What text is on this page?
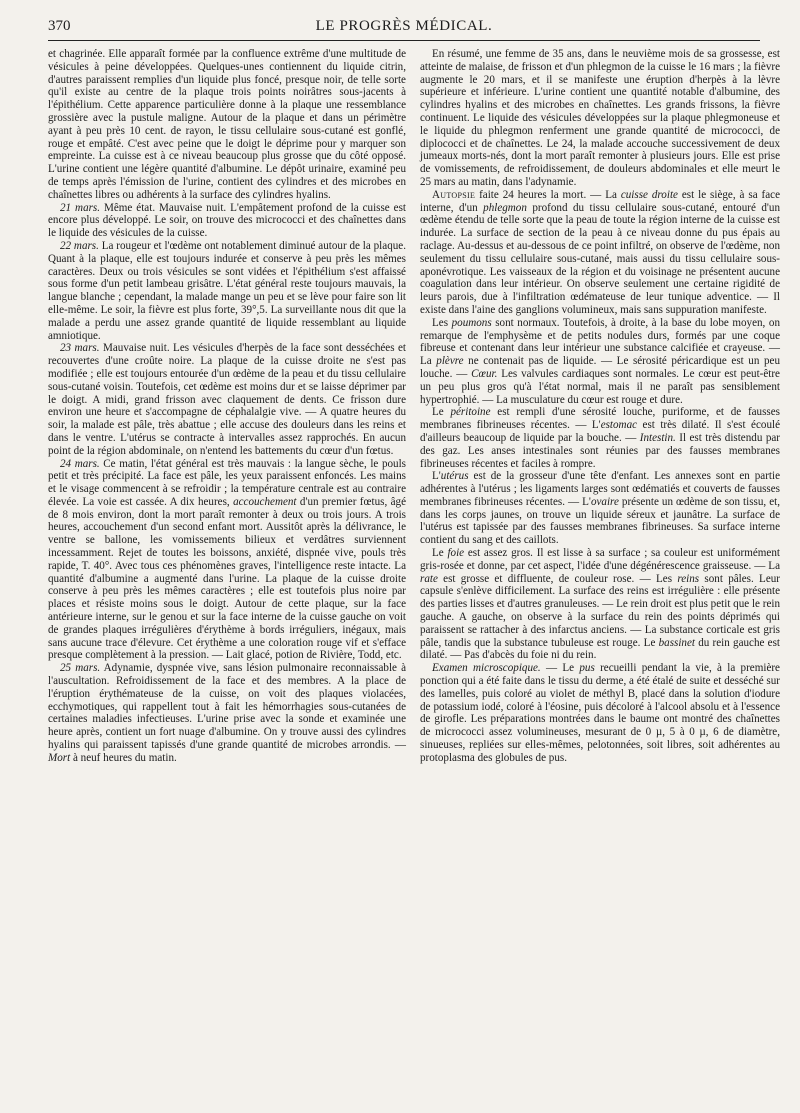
370	LE PROGRÈS MÉDICAL.

et chagrinée. Elle apparaît formée par la confluence extrême d'une multitude de vésicules à peine développées. Quelques-unes contiennent du liquide citrin, d'autres paraissent remplies d'un liquide plus foncé, presque noir, de telle sorte qu'il existe au centre de la plaque trois points noirâtres sous-jacents à l'épithélium. Cette apparence particulière donne à la plaque une ressemblance grossière avec la pustule maligne. Autour de la plaque et dans un périmètre ayant à peu près 10 cent. de rayon, le tissu cellulaire sous-cutané est gonflé, rouge et empâté. C'est avec peine que le doigt le déprime pour y marquer son empreinte. La cuisse est à ce niveau beaucoup plus grosse que du côté opposé. L'urine contient une légère quantité d'albumine. Le dépôt urinaire, examiné peu de temps après l'émission de l'urine, contient des cylindres et des microbes en chaînettes libres ou adhérents à la surface des cylindres hyalins.

21 mars. Même état. Mauvaise nuit. L'empâtement profond de la cuisse est encore plus développé. Le soir, on trouve des micrococci et des chaînettes dans le liquide des vésicules de la cuisse.

22 mars. La rougeur et l'œdème ont notablement diminué autour de la plaque. Quant à la plaque, elle est toujours indurée et conserve à peu près les mêmes caractères. Deux ou trois vésicules se sont vidées et l'épithélium s'est affaissé sous forme d'un petit lambeau grisâtre. L'état général reste toujours mauvais, la langue blanche ; cependant, la malade mange un peu et se lève pour faire son lit elle-même. Le soir, la fièvre est plus forte, 39°,5. La surveillante nous dit que la malade a perdu une assez grande quantité de liquide ressemblant au liquide amniotique.

23 mars. Mauvaise nuit. Les vésicules d'herpès de la face sont desséchées et recouvertes d'une croûte noire. La plaque de la cuisse droite ne s'est pas modifiée ; elle est toujours entourée d'un œdème de la peau et du tissu cellulaire sous-cutané voisin. Toutefois, cet œdème est moins dur et se laisse déprimer par le doigt. A midi, grand frisson avec claquement de dents. Ce frisson dure environ une heure et s'accompagne de céphalalgie vive. — A quatre heures du soir, la malade est pâle, très abattue ; elle accuse des douleurs dans les reins et dans le ventre. L'utérus se contracte à intervalles assez rapprochés. En aucun point de la région abdominale, on n'entend les battements du cœur d'un fœtus.

24 mars. Ce matin, l'état général est très mauvais : la langue sèche, le pouls petit et très précipité. La face est pâle, les yeux paraissent enfoncés. Les mains et le visage commencent à se refroidir ; la température centrale est au contraire élevée. La voie est cassée. A dix heures, accouchement d'un premier fœtus, âgé de 8 mois environ, dont la mort paraît remonter à deux ou trois jours. A trois heures, accouchement d'un second enfant mort. Aussitôt après la délivrance, le ventre se ballone, les vomissements bilieux et verdâtres surviennent incessamment. Rejet de toutes les boissons, anxiété, dispnée vive, pouls très rapide, T. 40°. Avec tous ces phénomènes graves, l'intelligence reste intacte. La quantité d'albumine a augmenté dans l'urine. La plaque de la cuisse droite conserve à peu près les mêmes caractères ; elle est toutefois plus noire par places et résiste moins sous le doigt. Autour de cette plaque, sur la face antérieure interne, sur le genou et sur la face interne de la cuisse gauche on voit de grandes plaques irrégulières d'érythème à bords irréguliers, inégaux, mais sans aucune trace d'élevure. Cet érythème a une coloration rouge vif et s'efface presque complètement à la pression. — Lait glacé, potion de Rivière, Todd, etc.

25 mars. Adynamie, dyspnée vive, sans lésion pulmonaire reconnaissable à l'auscultation. Refroidissement de la face et des membres. A la place de l'éruption érythémateuse de la cuisse, on voit des plaques violacées, ecchymotiques, qui rappellent tout à fait les hémorrhagies sous-cutanées de certaines maladies infectieuses. L'urine prise avec la sonde et examinée une heure après, contient un fort nuage d'albumine. On y trouve aussi des cylindres hyalins qui paraissent tapissés d'une grande quantité de microbes arrondis. — Mort à neuf heures du matin.

En résumé, une femme de 35 ans, dans le neuvième mois de sa grossesse, est atteinte de malaise, de frisson et d'un phlegmon de la cuisse le 16 mars ; la fièvre augmente le 20 mars, et il se manifeste une éruption d'herpès à la lèvre supérieure et inférieure. L'urine contient une quantité notable d'albumine, des cylindres hyalins et des microbes en chaînettes. Les grands frissons, la fièvre continuent. Le liquide des vésicules développées sur la plaque phlegmoneuse et le liquide du phlegmon renferment une grande quantité de micrococci, de diplococci et de chaînettes. Le 24, la malade accouche successivement de deux jumeaux morts-nés, dont la mort paraît remonter à plusieurs jours. Elle est prise de vomissements, de refroidissement, de douleurs abdominales et elle meurt le 25 mars au matin, dans l'adynamie.

Autopsie faite 24 heures la mort. — La cuisse droite est le siège, à sa face interne, d'un phlegmon profond du tissu cellulaire sous-cutané, entouré d'un œdème étendu de telle sorte que la peau de toute la région interne de la cuisse est indurée. La surface de section de la peau à ce niveau donne du pus épais au raclage. Au-dessus et au-dessous de ce point infiltré, on observe de l'œdème, non seulement du tissu cellulaire sous-cutané, mais aussi du tissu cellulaire sous-aponévrotique. Les vaisseaux de la région et du voisinage ne présentent aucune coagulation dans leur intérieur. On observe seulement une certaine rigidité de leurs parois, due à l'infiltration œdémateuse de leur tunique adventice. — Il existe dans l'aine des ganglions volumineux, mais sans suppuration manifeste.

Les poumons sont normaux. Toutefois, à droite, à la base du lobe moyen, on remarque de l'emphysème et de petits nodules durs, formés par une coque fibreuse et contenant dans leur intérieur une substance calcifiée et crayeuse. — La plèvre ne contenait pas de liquide. — Le sérosité péricardique est un peu louche. — Cœur. Les valvules cardiaques sont normales. Le cœur est peut-être un peu plus gros qu'à l'état normal, mais il ne paraît pas sensiblement hypertrophié. — La musculature du cœur est rouge et dure.

Le péritoine est rempli d'une sérosité louche, puriforme, et de fausses membranes fibrineuses récentes. — L'estomac est très dilaté. Il s'est écoulé d'ailleurs beaucoup de liquide par la bouche. — Intestin. Il est très distendu par des gaz. Les anses intestinales sont réunies par des fausses membranes fibrineuses récentes et faciles à rompre.

L'utérus est de la grosseur d'une tête d'enfant. Les annexes sont en partie adhérentes à l'utérus ; les ligaments larges sont œdématiés et couverts de fausses membranes fibrineuses récentes. — L'ovaire présente un œdème de son tissu, et, dans les corps jaunes, on trouve un liquide séreux et jaunâtre. La surface de l'utérus est tapissée par des fausses membranes fibrineuses. Sa surface interne contient du sang et des caillots.

Le foie est assez gros. Il est lisse à sa surface ; sa couleur est uniformément gris-rosée et donne, par cet aspect, l'idée d'une dégénérescence graisseuse. — La rate est grosse et diffluente, de couleur rose. — Les reins sont pâles. Leur capsule s'enlève difficilement. La surface des reins est irrégulière : elle présente des parties lisses et d'autres granuleuses. — Le rein droit est plus petit que le rein gauche. A gauche, on observe à la surface du rein des points déprimés qui paraissent se rattacher à des infarctus anciens. — La substance corticale est gris pâle, tandis que la substance tubuleuse est rouge. Le bassinet du rein gauche est dilaté. — Pas d'abcès du foie ni du rein.

Examen microscopique. — Le pus recueilli pendant la vie, à la première ponction qui a été faite dans le tissu du derme, a été étalé de suite et desséché sur des lamelles, puis coloré au violet de méthyl B, placé dans la solution d'iodure de potassium iodé, coloré à l'éosine, puis décoloré à l'alcool absolu et à l'essence de girofle. Les préparations montrées dans le baume ont montré des chaînettes de micrococci assez volumineuses, mesurant de 0 µ, 5 à 0 µ, 6 de diamètre, sinueuses, repliées sur elles-mêmes, pelotonnées, soit libres, soit adhérentes au protoplasma des globules de pus.
